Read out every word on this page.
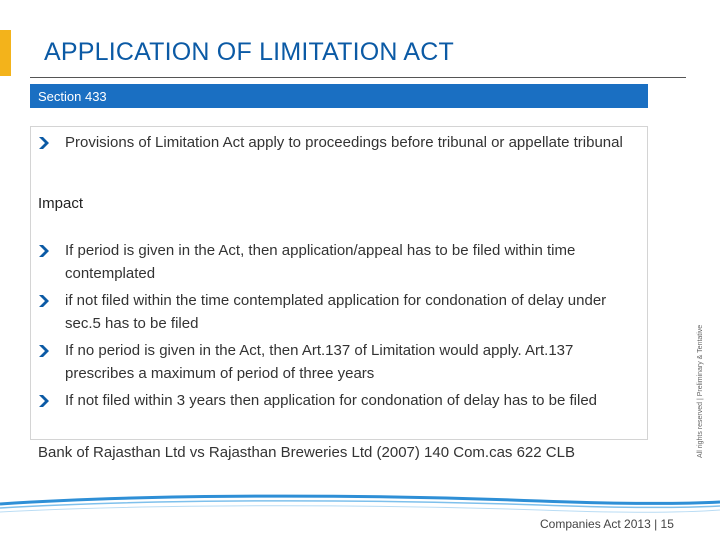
APPLICATION OF LIMITATION ACT
Section 433
Provisions of Limitation Act apply to proceedings before tribunal or appellate tribunal
Impact
If period is given in the Act, then application/appeal has to be filed within time contemplated
if not filed within the time contemplated application for condonation of delay under sec.5 has to be filed
If no period is given in the Act, then Art.137 of Limitation would apply. Art.137 prescribes a maximum of period of three years
If not filed within 3 years then application for condonation of delay has to be filed
Bank of Rajasthan Ltd vs Rajasthan Breweries Ltd (2007) 140 Com.cas 622 CLB	All rights reserved | Preliminary & Tentative
Companies Act 2013 | 15
